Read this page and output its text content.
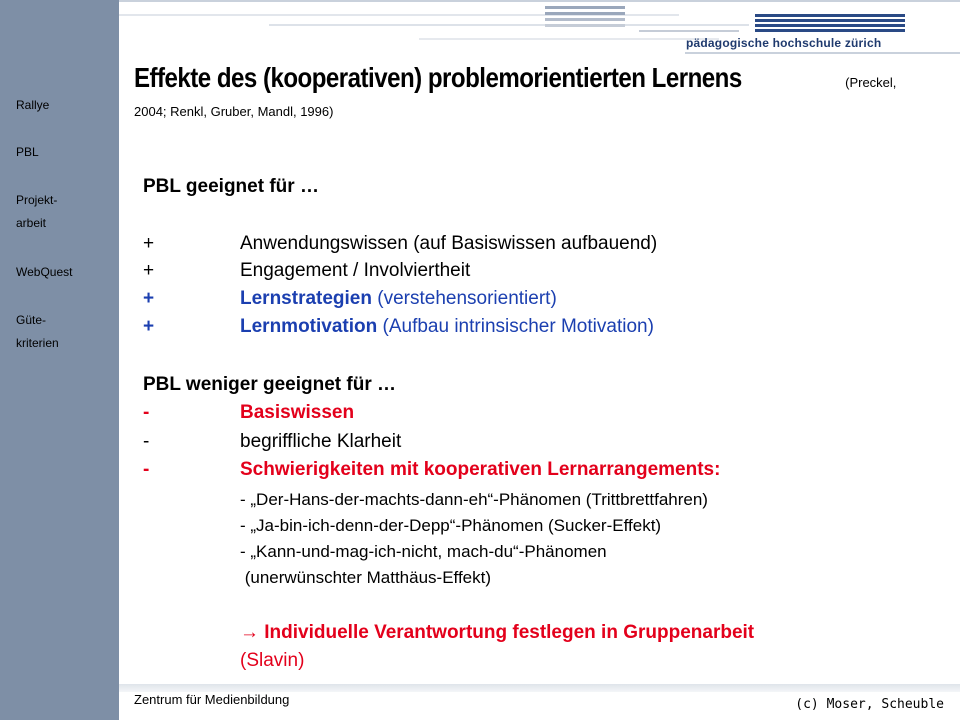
Rallye
PBL
Projekt-
arbeit
WebQuest
Güte-
kriterien
pädagogische hochschule zürich
Effekte des (kooperativen) problemorientierten Lernens	(Preckel,
2004; Renkl, Gruber, Mandl, 1996)
PBL geeignet für …
+	Anwendungswissen (auf Basiswissen aufbauend)
+	Engagement / Involviertheit
+	Lernstrategien (verstehensorientiert)
+	Lernmotivation (Aufbau intrinsischer Motivation)
PBL weniger geeignet für …
-	Basiswissen
-	begriffliche Klarheit
-	Schwierigkeiten mit kooperativen Lernarrangements:
- „Der-Hans-der-machts-dann-eh“-Phänomen (Trittbrettfahren)
- „Ja-bin-ich-denn-der-Depp“-Phänomen (Sucker-Effekt)
- „Kann-und-mag-ich-nicht, mach-du“-Phänomen
(unerwünschter Matthäus-Effekt)
→ Individuelle Verantwortung festlegen in Gruppenarbeit
(Slavin)
Zentrum für Medienbildung	(c) Moser, Scheuble
